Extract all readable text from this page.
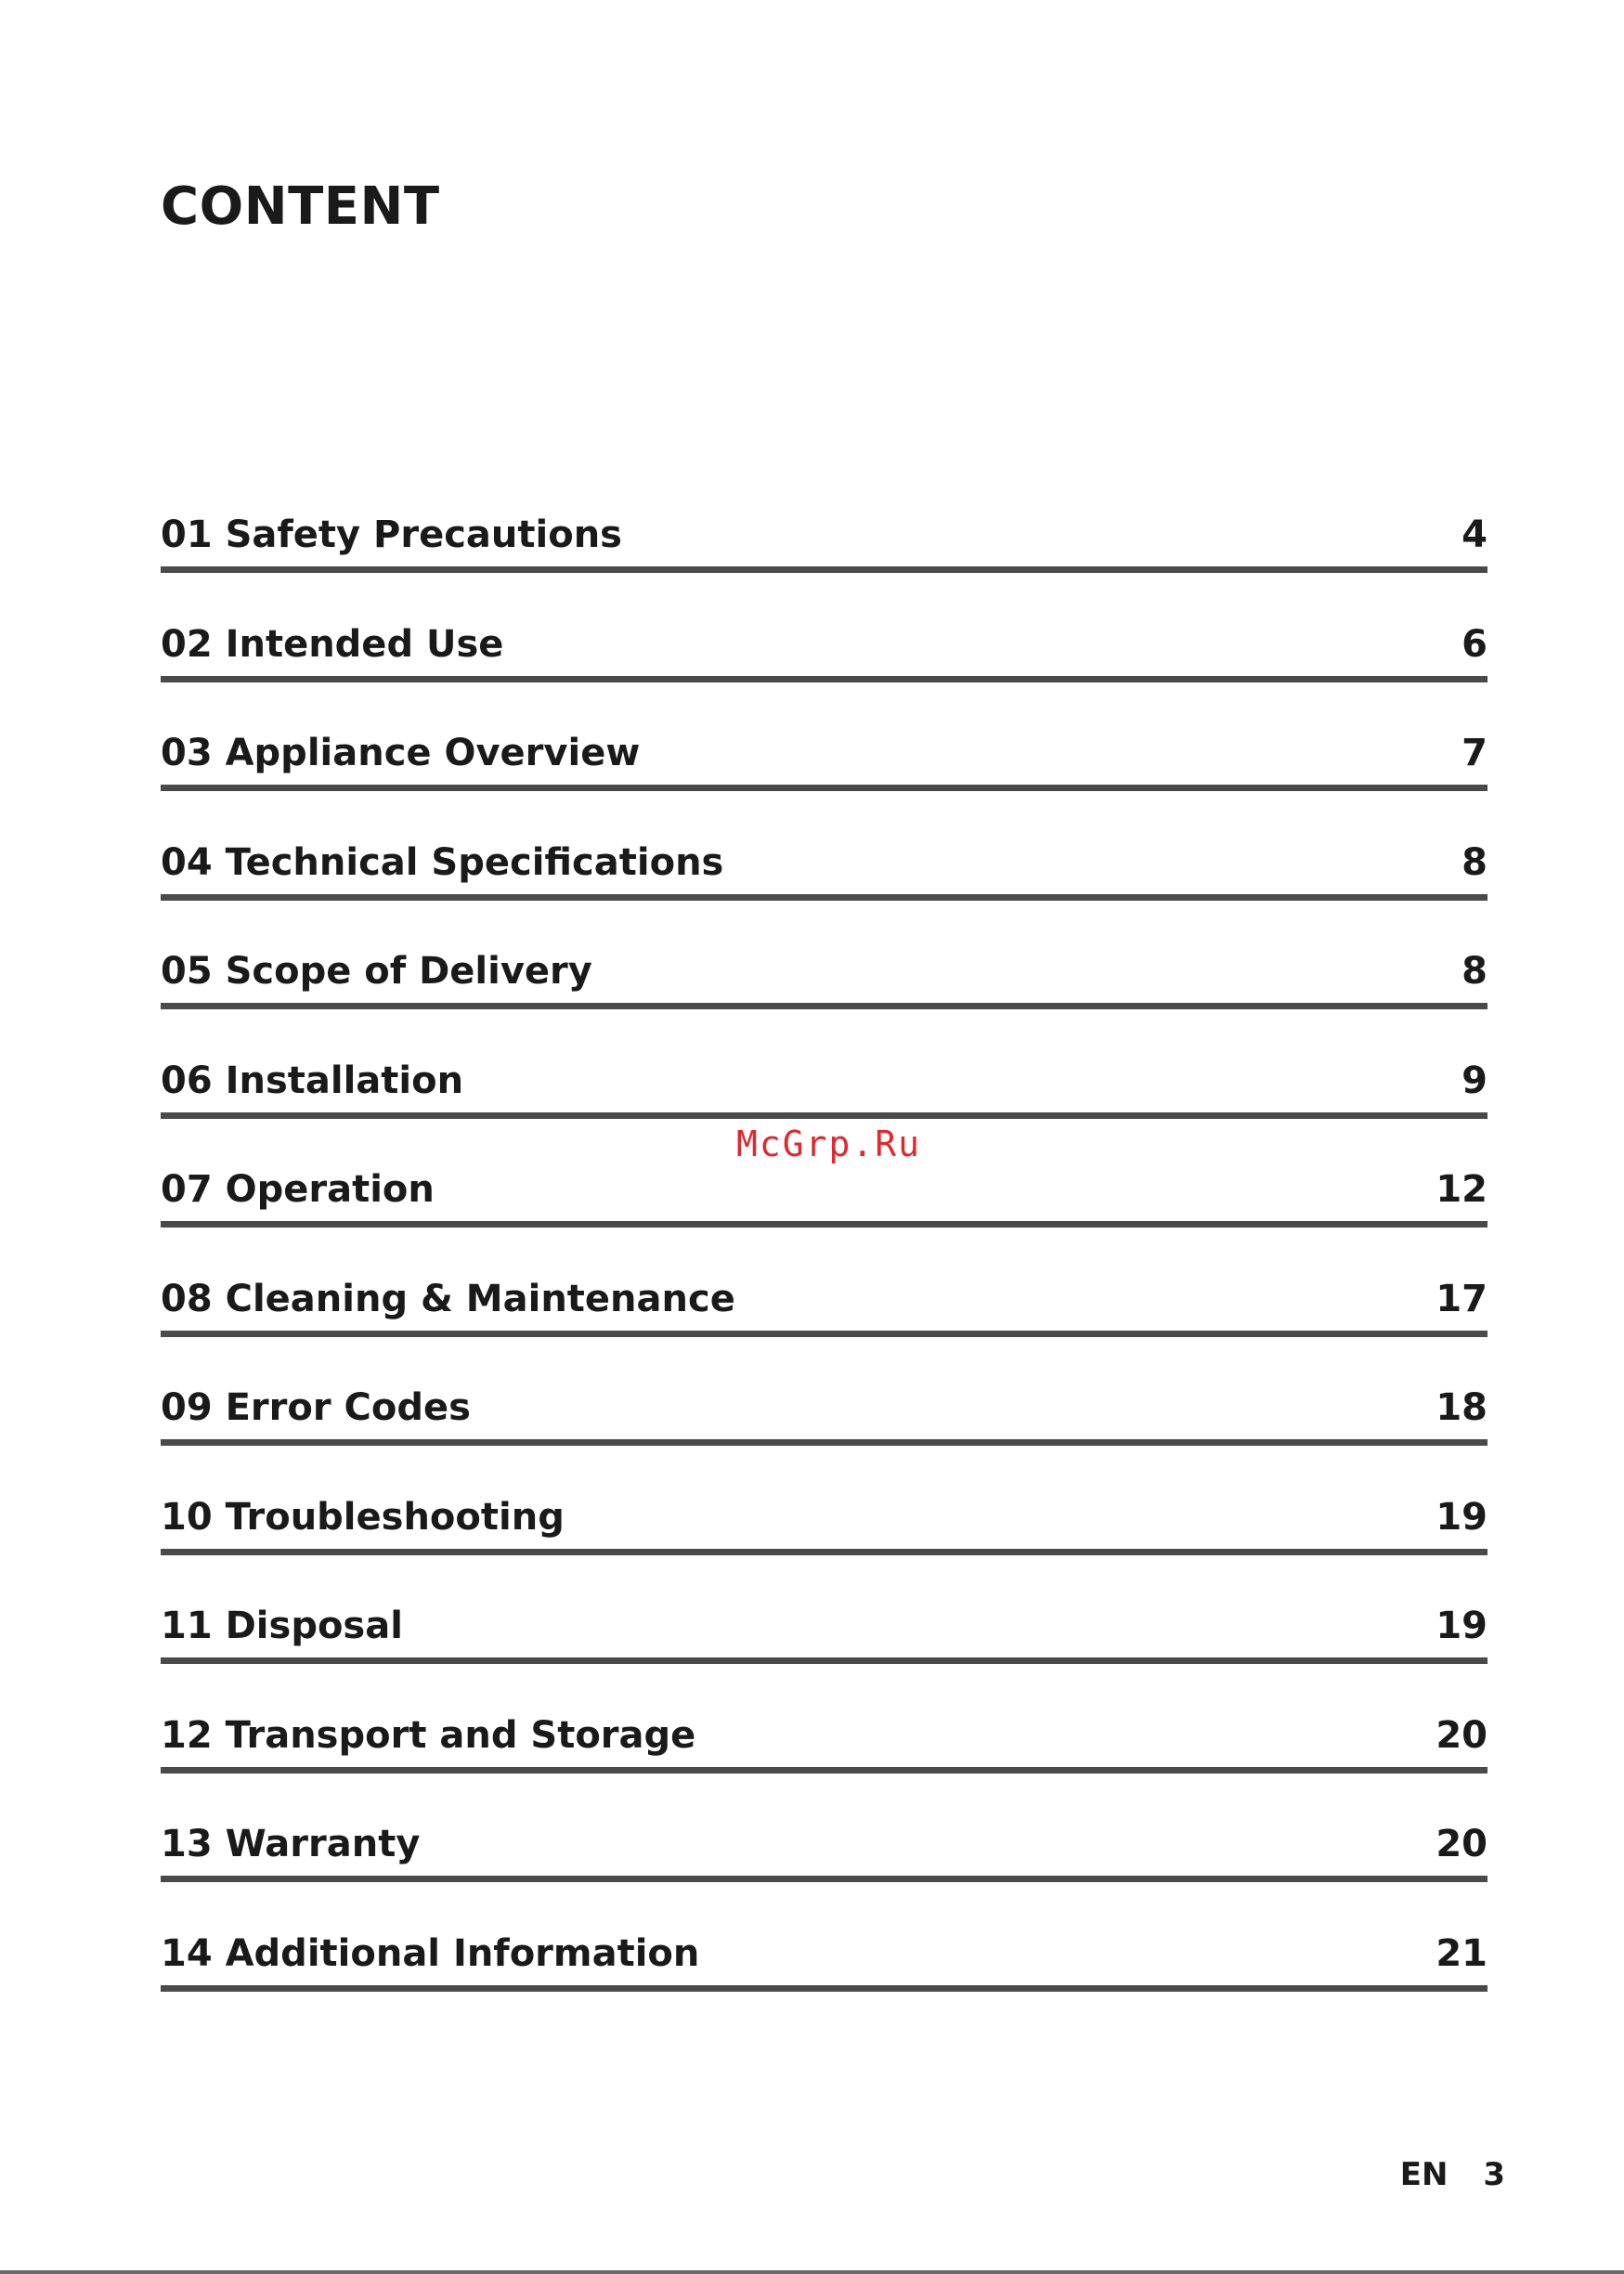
CONTENT
01 Safety Precautions	4
02 Intended Use	6
03 Appliance Overview	7
04 Technical Specifications	8
05 Scope of Delivery	8
06 Installation	9
07 Operation	12
08 Cleaning & Maintenance	17
09 Error Codes	18
10 Troubleshooting	19
11 Disposal	19
12 Transport and Storage	20
13 Warranty	20
14 Additional Information	21
McGrp.Ru
EN 3
